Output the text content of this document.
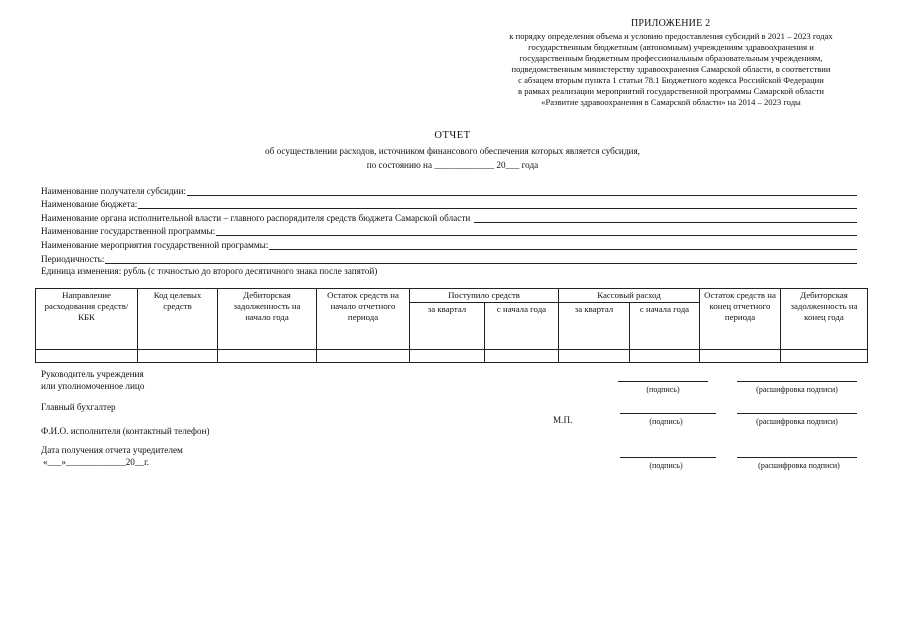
ПРИЛОЖЕНИЕ 2
к порядку определения объема и условию предоставления субсидий в 2021 – 2023 годах
государственным бюджетным (автономным) учреждениям здравоохранения и
государственным бюджетным профессиональным образовательным учреждениям,
подведомственным министерству здравоохранения Самарской области, в соответствии
с абзацем вторым пункта 1 статьи 78.1 Бюджетного кодекса Российской Федерации
в рамках реализации мероприятий государственной программы Самарской области
«Развитие здравоохранения в Самарской области» на 2014 – 2023 годы
ОТЧЕТ
об осуществлении расходов, источником финансового обеспечения которых является субсидия,
по состоянию на _____________ 20___ года
Наименование получателя субсидии:
Наименование бюджета:
Наименование органа исполнительной власти – главного распорядителя средств бюджета Самарской области
Наименование государственной программы:
Наименование мероприятия государственной программы:
Периодичность:
Единица изменения: рубль (с точностью до второго десятичного знака после запятой)
Направление расходования средств/КБК	Код целевых средств	Дебиторская задолженность на начало года	Остаток средств на начало отчетного периода	Поступило средств		Кассовый расход		Остаток средств на конец отчетного периода	Дебиторская задолженность на конец года
				за квартал	с начала года	за квартал	с начала года		

Руководитель учреждения
или уполномоченное лицо	(подпись)	(расшифровка подписи)
Главный бухгалтер
М.П.	(подпись)	(расшифровка подписи)
Ф.И.О. исполнителя (контактный телефон)
Дата получения отчета учредителем
«___»_____________20__г.	(подпись)	(расшифровка подписи)
